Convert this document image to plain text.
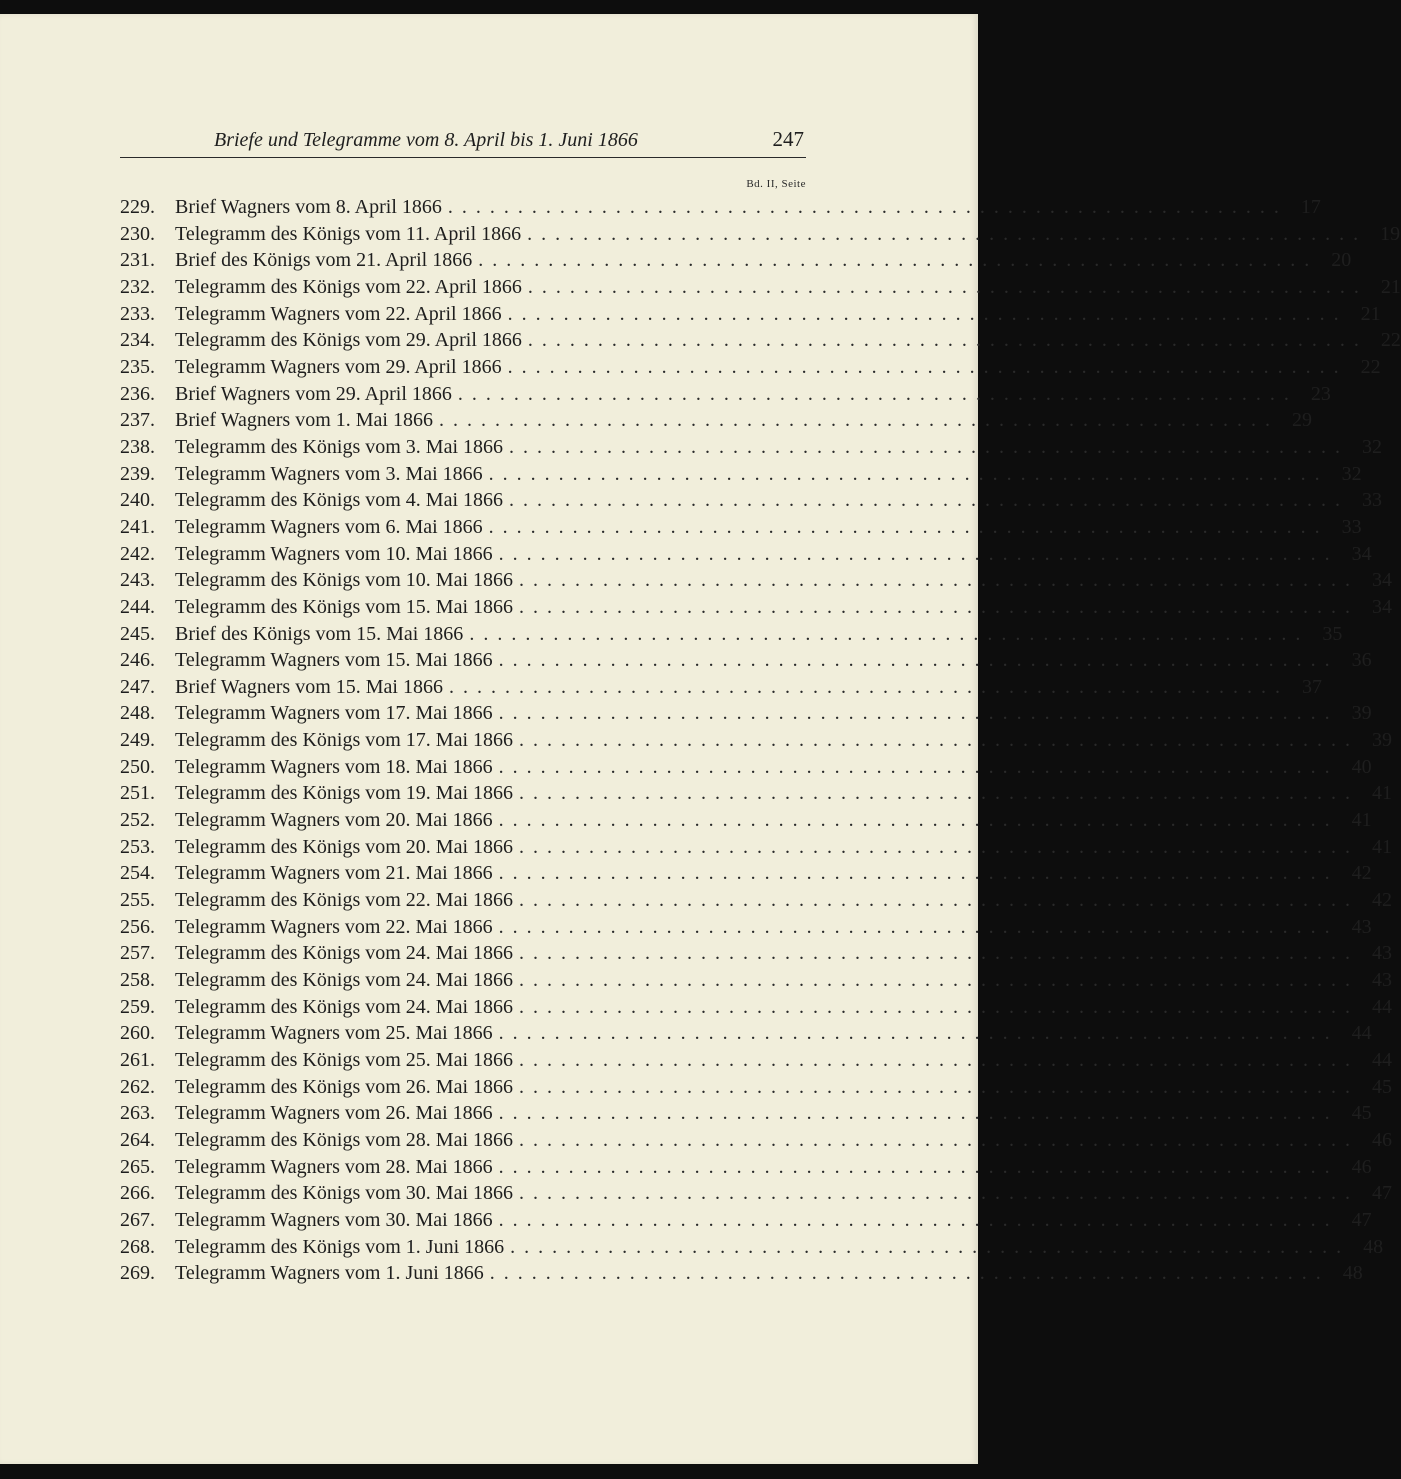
Briefe und Telegramme vom 8. April bis 1. Juni 1866	247
Bd. II, Seite
229.	Brief Wagners vom 8. April 1866 . . . . . . . . . . . . . . . . . . . . . . . . . . . . . . . . . . . . . . . . . . . . . . . . . . . . . . . . . . . .	17
230.	Telegramm des Königs vom 11. April 1866 . . . . . . . . . . . . . . . . . . . . . . . . . . . . . . . . . . . . . . . . . . . . . . . . . . . . . . . . . . . .	19
231.	Brief des Königs vom 21. April 1866 . . . . . . . . . . . . . . . . . . . . . . . . . . . . . . . . . . . . . . . . . . . . . . . . . . . . . . . . . . . .	20
232.	Telegramm des Königs vom 22. April 1866 . . . . . . . . . . . . . . . . . . . . . . . . . . . . . . . . . . . . . . . . . . . . . . . . . . . . . . . . . . . .	21
233.	Telegramm Wagners vom 22. April 1866 . . . . . . . . . . . . . . . . . . . . . . . . . . . . . . . . . . . . . . . . . . . . . . . . . . . . . . . . . . . .	21
234.	Telegramm des Königs vom 29. April 1866 . . . . . . . . . . . . . . . . . . . . . . . . . . . . . . . . . . . . . . . . . . . . . . . . . . . . . . . . . . . .	22
235.	Telegramm Wagners vom 29. April 1866 . . . . . . . . . . . . . . . . . . . . . . . . . . . . . . . . . . . . . . . . . . . . . . . . . . . . . . . . . . . .	22
236.	Brief Wagners vom 29. April 1866 . . . . . . . . . . . . . . . . . . . . . . . . . . . . . . . . . . . . . . . . . . . . . . . . . . . . . . . . . . . .	23
237.	Brief Wagners vom 1. Mai 1866 . . . . . . . . . . . . . . . . . . . . . . . . . . . . . . . . . . . . . . . . . . . . . . . . . . . . . . . . . . . .	29
238.	Telegramm des Königs vom 3. Mai 1866 . . . . . . . . . . . . . . . . . . . . . . . . . . . . . . . . . . . . . . . . . . . . . . . . . . . . . . . . . . . .	32
239.	Telegramm Wagners vom 3. Mai 1866 . . . . . . . . . . . . . . . . . . . . . . . . . . . . . . . . . . . . . . . . . . . . . . . . . . . . . . . . . . . .	32
240.	Telegramm des Königs vom 4. Mai 1866 . . . . . . . . . . . . . . . . . . . . . . . . . . . . . . . . . . . . . . . . . . . . . . . . . . . . . . . . . . . .	33
241.	Telegramm Wagners vom 6. Mai 1866 . . . . . . . . . . . . . . . . . . . . . . . . . . . . . . . . . . . . . . . . . . . . . . . . . . . . . . . . . . . .	33
242.	Telegramm Wagners vom 10. Mai 1866 . . . . . . . . . . . . . . . . . . . . . . . . . . . . . . . . . . . . . . . . . . . . . . . . . . . . . . . . . . . .	34
243.	Telegramm des Königs vom 10. Mai 1866 . . . . . . . . . . . . . . . . . . . . . . . . . . . . . . . . . . . . . . . . . . . . . . . . . . . . . . . . . . . .	34
244.	Telegramm des Königs vom 15. Mai 1866 . . . . . . . . . . . . . . . . . . . . . . . . . . . . . . . . . . . . . . . . . . . . . . . . . . . . . . . . . . . .	34
245.	Brief des Königs vom 15. Mai 1866 . . . . . . . . . . . . . . . . . . . . . . . . . . . . . . . . . . . . . . . . . . . . . . . . . . . . . . . . . . . .	35
246.	Telegramm Wagners vom 15. Mai 1866 . . . . . . . . . . . . . . . . . . . . . . . . . . . . . . . . . . . . . . . . . . . . . . . . . . . . . . . . . . . .	36
247.	Brief Wagners vom 15. Mai 1866 . . . . . . . . . . . . . . . . . . . . . . . . . . . . . . . . . . . . . . . . . . . . . . . . . . . . . . . . . . . .	37
248.	Telegramm Wagners vom 17. Mai 1866 . . . . . . . . . . . . . . . . . . . . . . . . . . . . . . . . . . . . . . . . . . . . . . . . . . . . . . . . . . . .	39
249.	Telegramm des Königs vom 17. Mai 1866 . . . . . . . . . . . . . . . . . . . . . . . . . . . . . . . . . . . . . . . . . . . . . . . . . . . . . . . . . . . .	39
250.	Telegramm Wagners vom 18. Mai 1866 . . . . . . . . . . . . . . . . . . . . . . . . . . . . . . . . . . . . . . . . . . . . . . . . . . . . . . . . . . . .	40
251.	Telegramm des Königs vom 19. Mai 1866 . . . . . . . . . . . . . . . . . . . . . . . . . . . . . . . . . . . . . . . . . . . . . . . . . . . . . . . . . . . .	41
252.	Telegramm Wagners vom 20. Mai 1866 . . . . . . . . . . . . . . . . . . . . . . . . . . . . . . . . . . . . . . . . . . . . . . . . . . . . . . . . . . . .	41
253.	Telegramm des Königs vom 20. Mai 1866 . . . . . . . . . . . . . . . . . . . . . . . . . . . . . . . . . . . . . . . . . . . . . . . . . . . . . . . . . . . .	41
254.	Telegramm Wagners vom 21. Mai 1866 . . . . . . . . . . . . . . . . . . . . . . . . . . . . . . . . . . . . . . . . . . . . . . . . . . . . . . . . . . . .	42
255.	Telegramm des Königs vom 22. Mai 1866 . . . . . . . . . . . . . . . . . . . . . . . . . . . . . . . . . . . . . . . . . . . . . . . . . . . . . . . . . . . .	42
256.	Telegramm Wagners vom 22. Mai 1866 . . . . . . . . . . . . . . . . . . . . . . . . . . . . . . . . . . . . . . . . . . . . . . . . . . . . . . . . . . . .	43
257.	Telegramm des Königs vom 24. Mai 1866 . . . . . . . . . . . . . . . . . . . . . . . . . . . . . . . . . . . . . . . . . . . . . . . . . . . . . . . . . . . .	43
258.	Telegramm des Königs vom 24. Mai 1866 . . . . . . . . . . . . . . . . . . . . . . . . . . . . . . . . . . . . . . . . . . . . . . . . . . . . . . . . . . . .	43
259.	Telegramm des Königs vom 24. Mai 1866 . . . . . . . . . . . . . . . . . . . . . . . . . . . . . . . . . . . . . . . . . . . . . . . . . . . . . . . . . . . .	44
260.	Telegramm Wagners vom 25. Mai 1866 . . . . . . . . . . . . . . . . . . . . . . . . . . . . . . . . . . . . . . . . . . . . . . . . . . . . . . . . . . . .	44
261.	Telegramm des Königs vom 25. Mai 1866 . . . . . . . . . . . . . . . . . . . . . . . . . . . . . . . . . . . . . . . . . . . . . . . . . . . . . . . . . . . .	44
262.	Telegramm des Königs vom 26. Mai 1866 . . . . . . . . . . . . . . . . . . . . . . . . . . . . . . . . . . . . . . . . . . . . . . . . . . . . . . . . . . . .	45
263.	Telegramm Wagners vom 26. Mai 1866 . . . . . . . . . . . . . . . . . . . . . . . . . . . . . . . . . . . . . . . . . . . . . . . . . . . . . . . . . . . .	45
264.	Telegramm des Königs vom 28. Mai 1866 . . . . . . . . . . . . . . . . . . . . . . . . . . . . . . . . . . . . . . . . . . . . . . . . . . . . . . . . . . . .	46
265.	Telegramm Wagners vom 28. Mai 1866 . . . . . . . . . . . . . . . . . . . . . . . . . . . . . . . . . . . . . . . . . . . . . . . . . . . . . . . . . . . .	46
266.	Telegramm des Königs vom 30. Mai 1866 . . . . . . . . . . . . . . . . . . . . . . . . . . . . . . . . . . . . . . . . . . . . . . . . . . . . . . . . . . . .	47
267.	Telegramm Wagners vom 30. Mai 1866 . . . . . . . . . . . . . . . . . . . . . . . . . . . . . . . . . . . . . . . . . . . . . . . . . . . . . . . . . . . .	47
268.	Telegramm des Königs vom 1. Juni 1866 . . . . . . . . . . . . . . . . . . . . . . . . . . . . . . . . . . . . . . . . . . . . . . . . . . . . . . . . . . . .	48
269.	Telegramm Wagners vom 1. Juni 1866 . . . . . . . . . . . . . . . . . . . . . . . . . . . . . . . . . . . . . . . . . . . . . . . . . . . . . . . . . . . .	48
